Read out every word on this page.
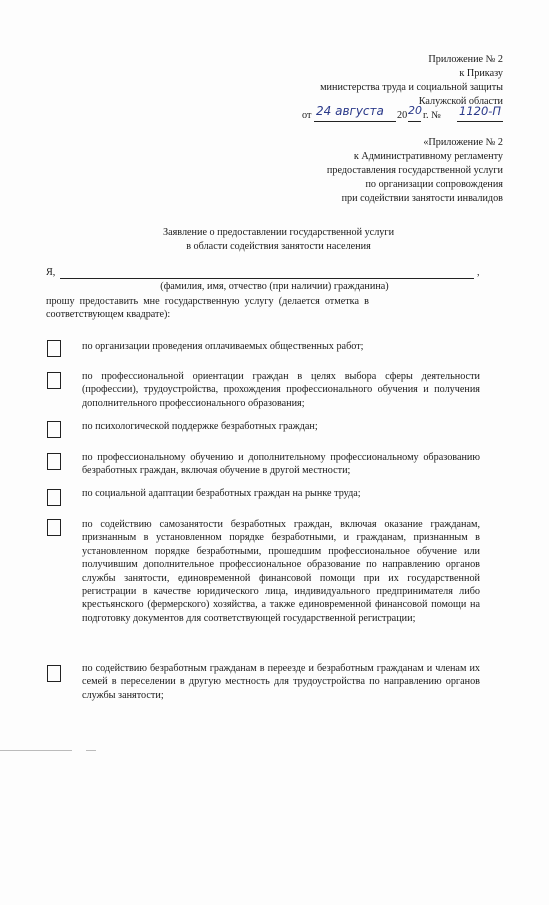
Приложение № 2
к Приказу
министерства труда и социальной защиты
Калужской области
от 24 августа 20 20 г. № 1120-П
«Приложение № 2
к Административному регламенту
предоставления государственной услуги
по организации сопровождения
при содействии занятости инвалидов
Заявление о предоставлении государственной услуги
в области содействия занятости населения
Я,	,
(фамилия, имя, отчество (при наличии) гражданина)
прошу  предоставить  мне  государственную  услугу  (делается  отметка  в
соответствующем квадрате):
по организации проведения оплачиваемых общественных работ;
по профессиональной ориентации граждан в целях выбора сферы деятельности (профессии), трудоустройства, прохождения профессионального обучения и получения дополнительного профессионального образования;
по психологической поддержке безработных граждан;
по профессиональному обучению и дополнительному профессиональному образованию безработных граждан, включая обучение в другой местности;
по социальной адаптации безработных граждан на рынке труда;
по содействию самозанятости безработных граждан, включая оказание гражданам, признанным в установленном порядке безработными, и гражданам, признанным в установленном порядке безработными, прошедшим профессиональное обучение или получившим дополнительное профессиональное образование по направлению органов службы занятости, единовременной финансовой помощи при их государственной регистрации в качестве юридического лица, индивидуального предпринимателя либо крестьянского (фермерского) хозяйства, а также единовременной финансовой помощи на подготовку документов для соответствующей государственной регистрации;
по содействию безработным гражданам в переезде и безработным гражданам и членам их семей в переселении в другую местность для трудоустройства по направлению органов службы занятости;
